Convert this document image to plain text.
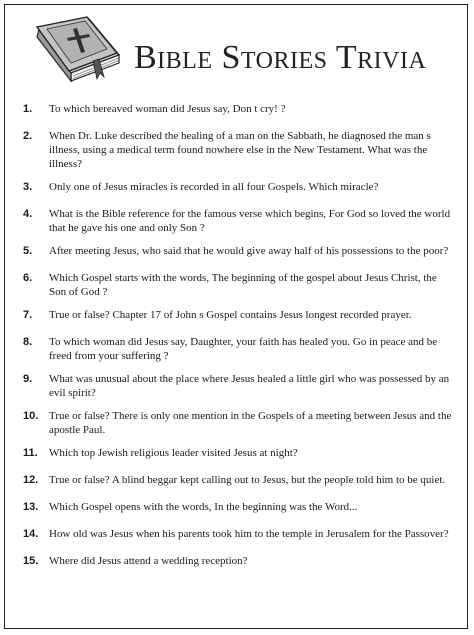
Bible Stories Trivia
1. To which bereaved woman did Jesus say, Don t cry! ?
2. When Dr. Luke described the healing of a man on the Sabbath, he diagnosed the man s illness, using a medical term found nowhere else in the New Testament. What was the illness?
3. Only one of Jesus miracles is recorded in all four Gospels. Which miracle?
4. What is the Bible reference for the famous verse which begins, For God so loved the world that he gave his one and only Son ?
5. After meeting Jesus, who said that he would give away half of his possessions to the poor?
6. Which Gospel starts with the words, The beginning of the gospel about Jesus Christ, the Son of God ?
7. True or false? Chapter 17 of John s Gospel contains Jesus longest recorded prayer.
8. To which woman did Jesus say, Daughter, your faith has healed you. Go in peace and be freed from your suffering ?
9. What was unusual about the place where Jesus healed a little girl who was possessed by an evil spirit?
10. True or false? There is only one mention in the Gospels of a meeting between Jesus and the apostle Paul.
11. Which top Jewish religious leader visited Jesus at night?
12. True or false? A blind beggar kept calling out to Jesus, but the people told him to be quiet.
13. Which Gospel opens with the words, In the beginning was the Word...
14. How old was Jesus when his parents took him to the temple in Jerusalem for the Passover?
15. Where did Jesus attend a wedding reception?
